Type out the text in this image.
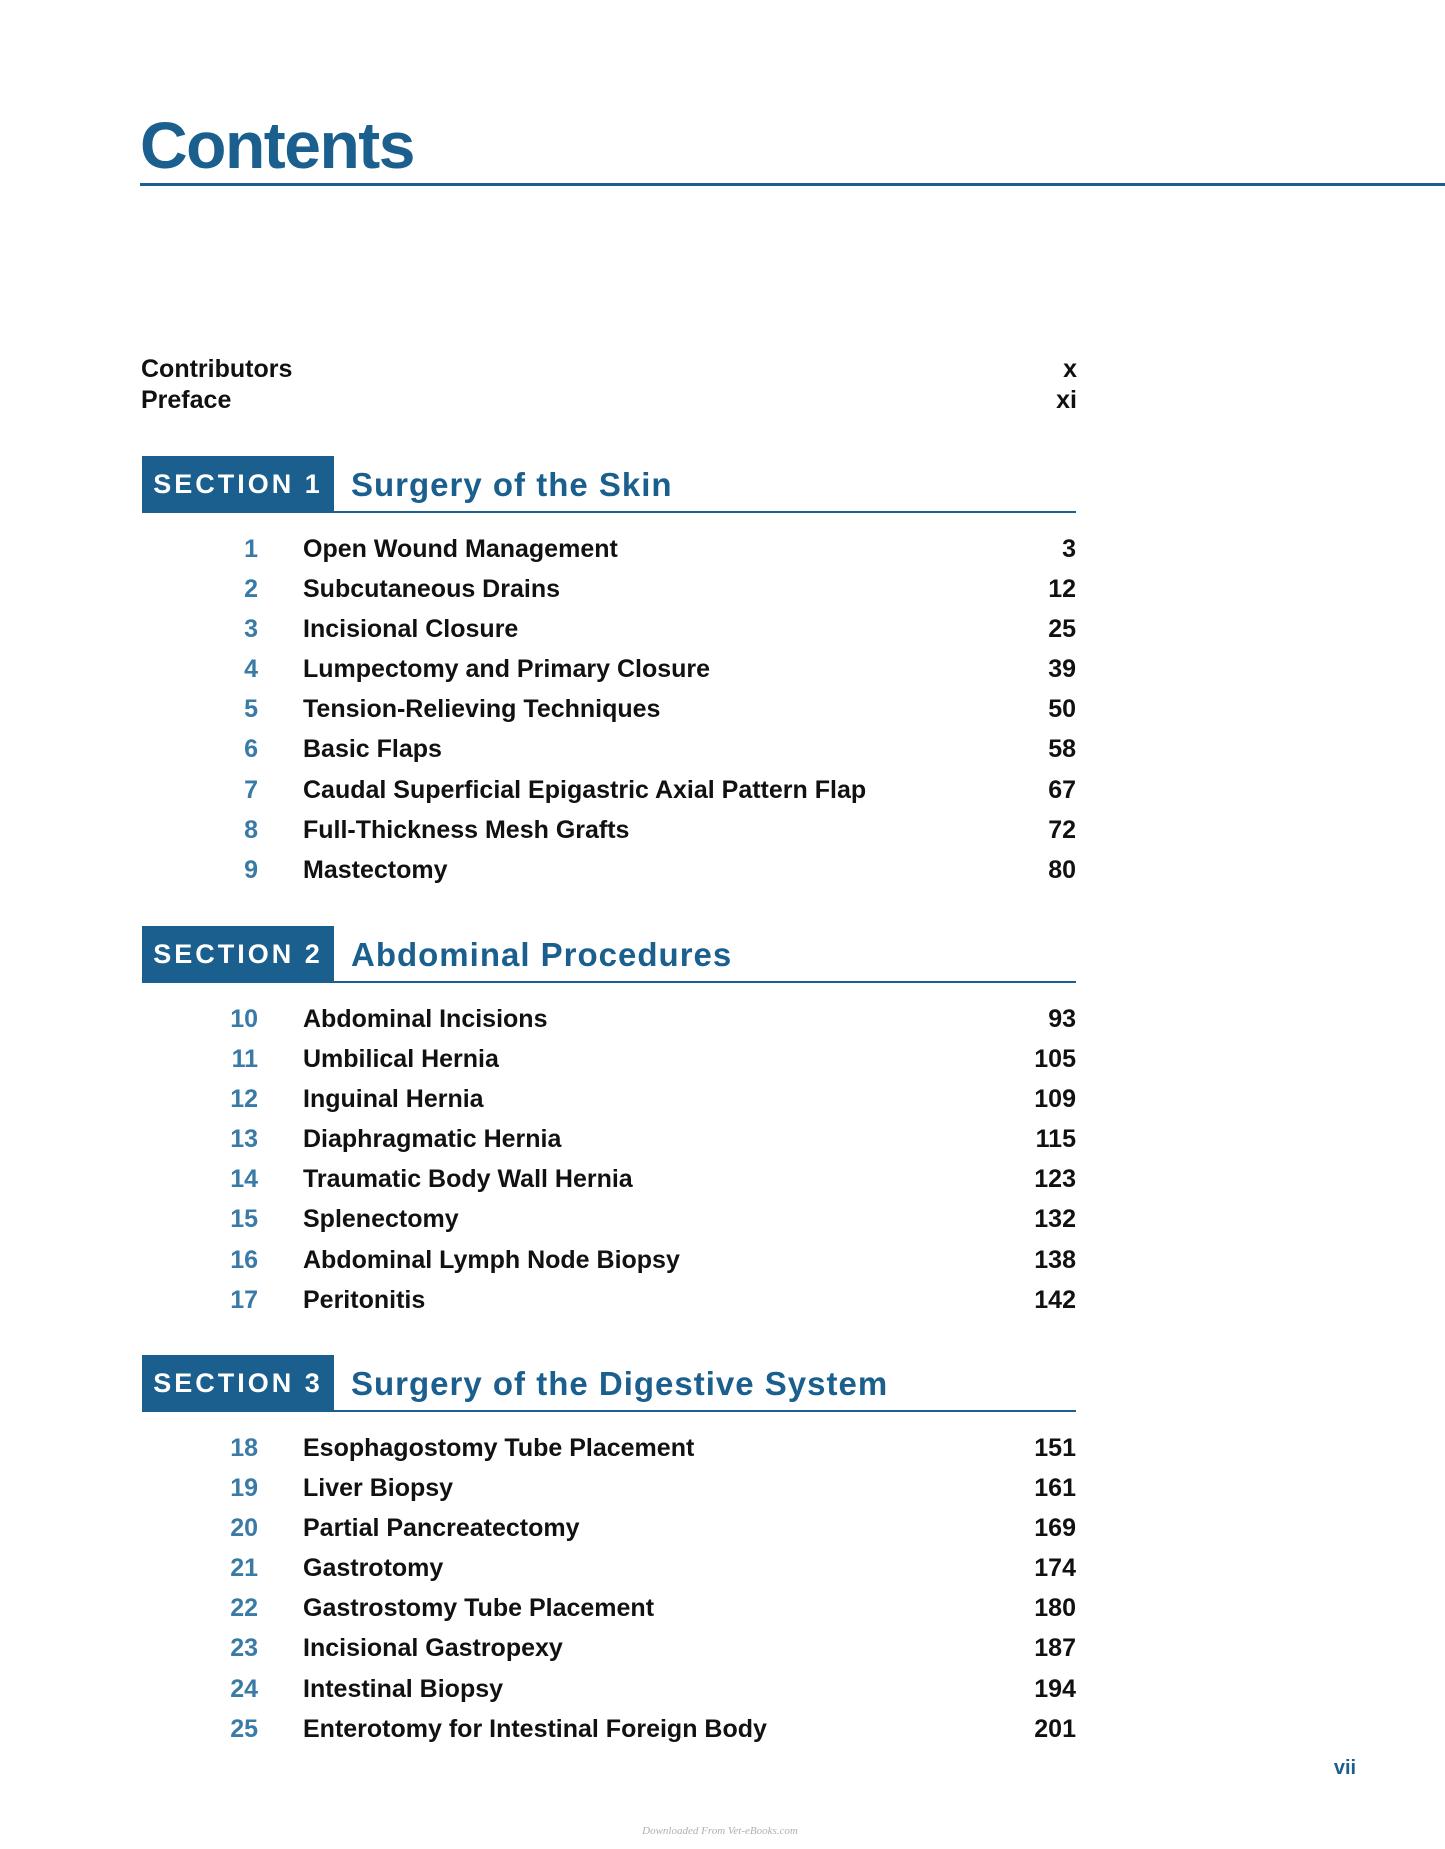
Contents
Contributors	x
Preface	xi
SECTION 1 Surgery of the Skin
1 Open Wound Management	3
2 Subcutaneous Drains	12
3 Incisional Closure	25
4 Lumpectomy and Primary Closure	39
5 Tension-Relieving Techniques	50
6 Basic Flaps	58
7 Caudal Superficial Epigastric Axial Pattern Flap	67
8 Full-Thickness Mesh Grafts	72
9 Mastectomy	80
SECTION 2 Abdominal Procedures
10 Abdominal Incisions	93
11 Umbilical Hernia	105
12 Inguinal Hernia	109
13 Diaphragmatic Hernia	115
14 Traumatic Body Wall Hernia	123
15 Splenectomy	132
16 Abdominal Lymph Node Biopsy	138
17 Peritonitis	142
SECTION 3 Surgery of the Digestive System
18 Esophagostomy Tube Placement	151
19 Liver Biopsy	161
20 Partial Pancreatectomy	169
21 Gastrotomy	174
22 Gastrostomy Tube Placement	180
23 Incisional Gastropexy	187
24 Intestinal Biopsy	194
25 Enterotomy for Intestinal Foreign Body	201
vii
Downloaded From Vet-eBooks.com
